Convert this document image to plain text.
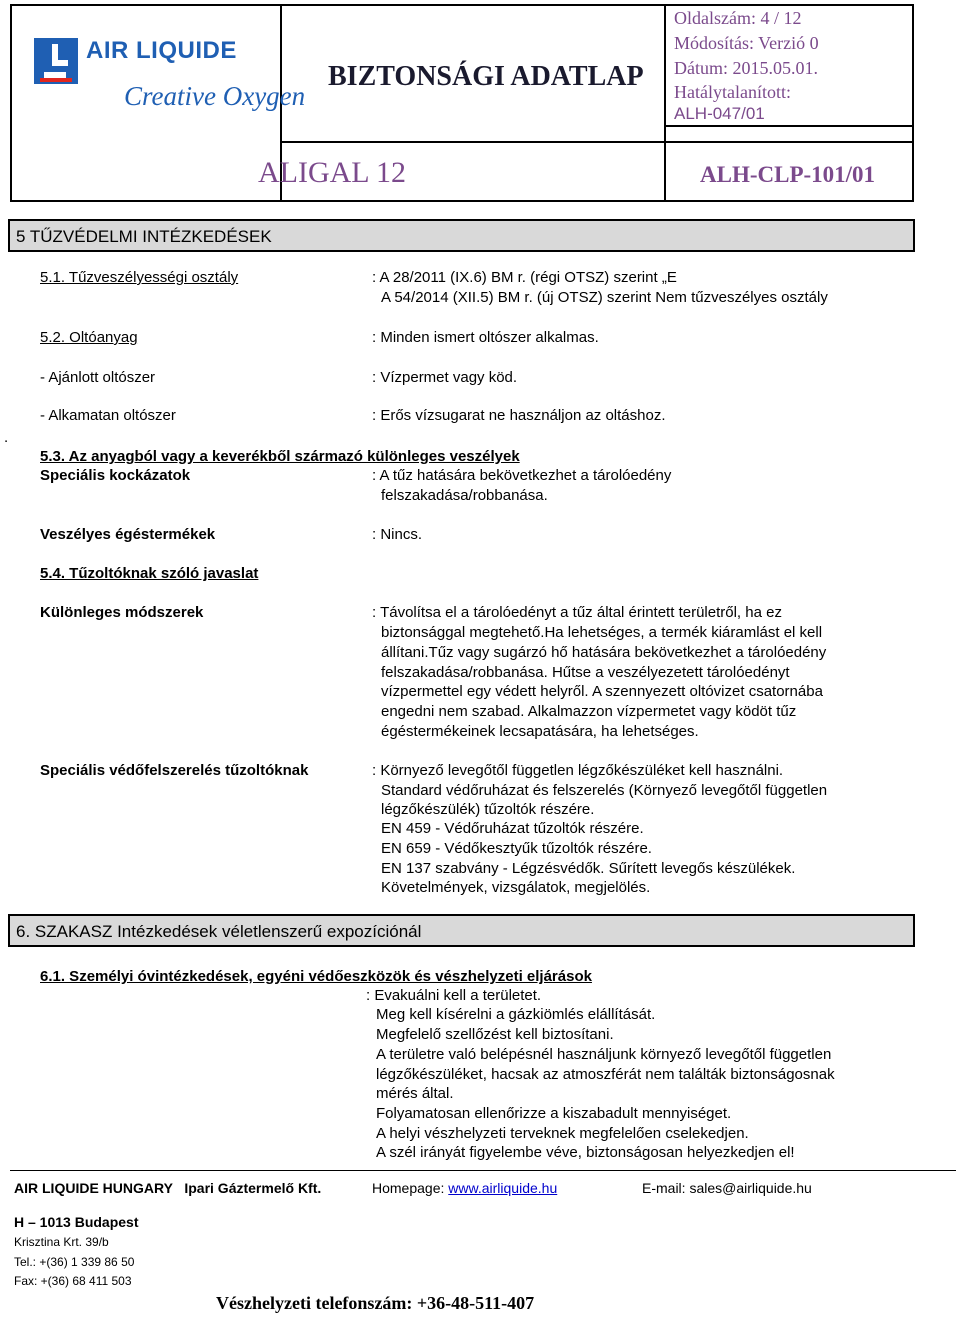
AIR LIQUIDE
Creative Oxygen
BIZTONSÁGI ADATLAP
Oldalszám: 4 / 12
Módosítás: Verzió 0
Dátum: 2015.05.01.
Hatálytalanított:
ALH-047/01
ALIGAL 12	ALH-CLP-101/01
5 TŰZVÉDELMI INTÉZKEDÉSEK
5.1. Tűzveszélyességi osztály	: A 28/2011 (IX.6) BM r. (régi OTSZ) szerint „E
A 54/2014 (XII.5) BM r. (új OTSZ) szerint Nem tűzveszélyes osztály
5.2. Oltóanyag	: Minden ismert oltószer alkalmas.
- Ajánlott oltószer	: Vízpermet vagy köd.
- Alkamatan oltószer	: Erős vízsugarat ne használjon az oltáshoz.
.
5.3. Az anyagból vagy a keverékből származó különleges veszélyek
Speciális kockázatok	: A tűz hatására bekövetkezhet a tárolóedény
felszakadása/robbanása.
Veszélyes égéstermékek	: Nincs.
5.4. Tűzoltóknak szóló javaslat
Különleges módszerek	: Távolítsa el a tárolóedényt a tűz által érintett területről, ha ez
biztonsággal megtehető.Ha lehetséges, a termék kiáramlást el kell
állítani.Tűz vagy sugárzó hő hatására bekövetkezhet a tárolóedény
felszakadása/robbanása. Hűtse a veszélyezetett tárolóedényt
vízpermettel egy védett helyről. A szennyezett oltóvizet csatornába
engedni nem szabad. Alkalmazzon vízpermetet vagy ködöt tűz
égéstermékeinek lecsapatására, ha lehetséges.
Speciális védőfelszerelés tűzoltóknak	: Környező levegőtől független légzőkészüléket kell használni.
Standard védőruházat és felszerelés (Környező levegőtől független
légzőkészülék) tűzoltók részére.
EN 459 - Védőruházat tűzoltók részére.
EN 659 - Védőkesztyűk tűzoltók részére.
EN 137 szabvány - Légzésvédők. Sűrített levegős készülékek.
Követelmények, vizsgálatok, megjelölés.
6. SZAKASZ Intézkedések véletlenszerű expozíciónál
6.1. Személyi óvintézkedések, egyéni védőeszközök és vészhelyzeti eljárások
: Evakuálni kell a területet.
Meg kell kísérelni a gázkiömlés elállítását.
Megfelelő szellőzést kell biztosítani.
A területre való belépésnél használjunk környező levegőtől független
légzőkészüléket, hacsak az atmoszférát nem találták biztonságosnak
mérés által.
Folyamatosan ellenőrizze a kiszabadult mennyiséget.
A helyi vészhelyzeti terveknek megfelelően cselekedjen.
A szél irányát figyelembe véve, biztonságosan helyezkedjen el!
AIR LIQUIDE HUNGARY   Ipari Gáztermelő Kft.	Homepage: www.airliquide.hu	E-mail: sales@airliquide.hu
H – 1013 Budapest
Krisztina Krt. 39/b
Tel.: +(36) 1 339 86 50
Fax: +(36) 68 411 503
Vészhelyzeti telefonszám: +36-48-511-407
